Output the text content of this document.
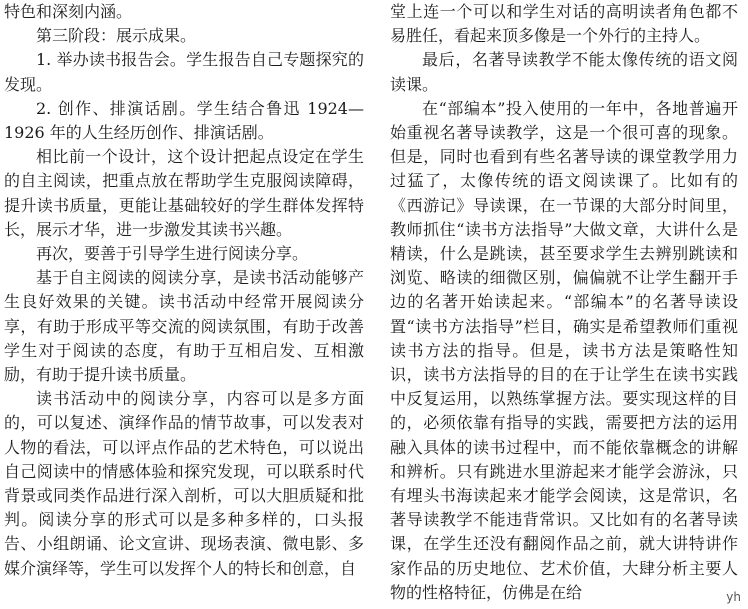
特色和深刻内涵。

第三阶段：展示成果。

1. 举办读书报告会。学生报告自己专题探究的发现。

2. 创作、排演话剧。学生结合鲁迅 1924—1926 年的人生经历创作、排演话剧。

相比前一个设计，这个设计把起点设定在学生的自主阅读，把重点放在帮助学生克服阅读障碍，提升读书质量，更能让基础较好的学生群体发挥特长，展示才华，进一步激发其读书兴趣。

再次，要善于引导学生进行阅读分享。

基于自主阅读的阅读分享，是读书活动能够产生良好效果的关键。读书活动中经常开展阅读分享，有助于形成平等交流的阅读氛围，有助于改善学生对于阅读的态度，有助于互相启发、互相激励，有助于提升读书质量。

读书活动中的阅读分享，内容可以是多方面的，可以复述、演绎作品的情节故事，可以发表对人物的看法，可以评点作品的艺术特色，可以说出自己阅读中的情感体验和探究发现，可以联系时代背景或同类作品进行深入剖析，可以大胆质疑和批判。阅读分享的形式可以是多种多样的，口头报告、小组朗诵、论文宣讲、现场表演、微电影、多媒介演绎等，学生可以发挥个人的特长和创意，自

堂上连一个可以和学生对话的高明读者角色都不易胜任，看起来顶多像是一个外行的主持人。

最后，名著导读教学不能太像传统的语文阅读课。

在“部编本”投入使用的一年中，各地普遍开始重视名著导读教学，这是一个很可喜的现象。但是，同时也看到有些名著导读的课堂教学用力过猛了，太像传统的语文阅读课了。比如有的《西游记》导读课，在一节课的大部分时间里，教师抓住“读书方法指导”大做文章，大讲什么是精读，什么是跳读，甚至要求学生去辨别跳读和浏览、略读的细微区别，偏偏就不让学生翻开手边的名著开始读起来。“部编本”的名著导读设置“读书方法指导”栏目，确实是希望教师们重视读书方法的指导。但是，读书方法是策略性知识，读书方法指导的目的在于让学生在读书实践中反复运用，以熟练掌握方法。要实现这样的目的，必须依靠有指导的实践，需要把方法的运用融入具体的读书过程中，而不能依靠概念的讲解和辨析。只有跳进水里游起来才能学会游泳，只有埋头书海读起来才能学会阅读，这是常识，名著导读教学不能违背常识。又比如有的名著导读课，在学生还没有翻阅作品之前，就大讲特讲作家作品的历史地位、艺术价值，大肆分析主要人物的性格特征，仿佛是在给	yh
